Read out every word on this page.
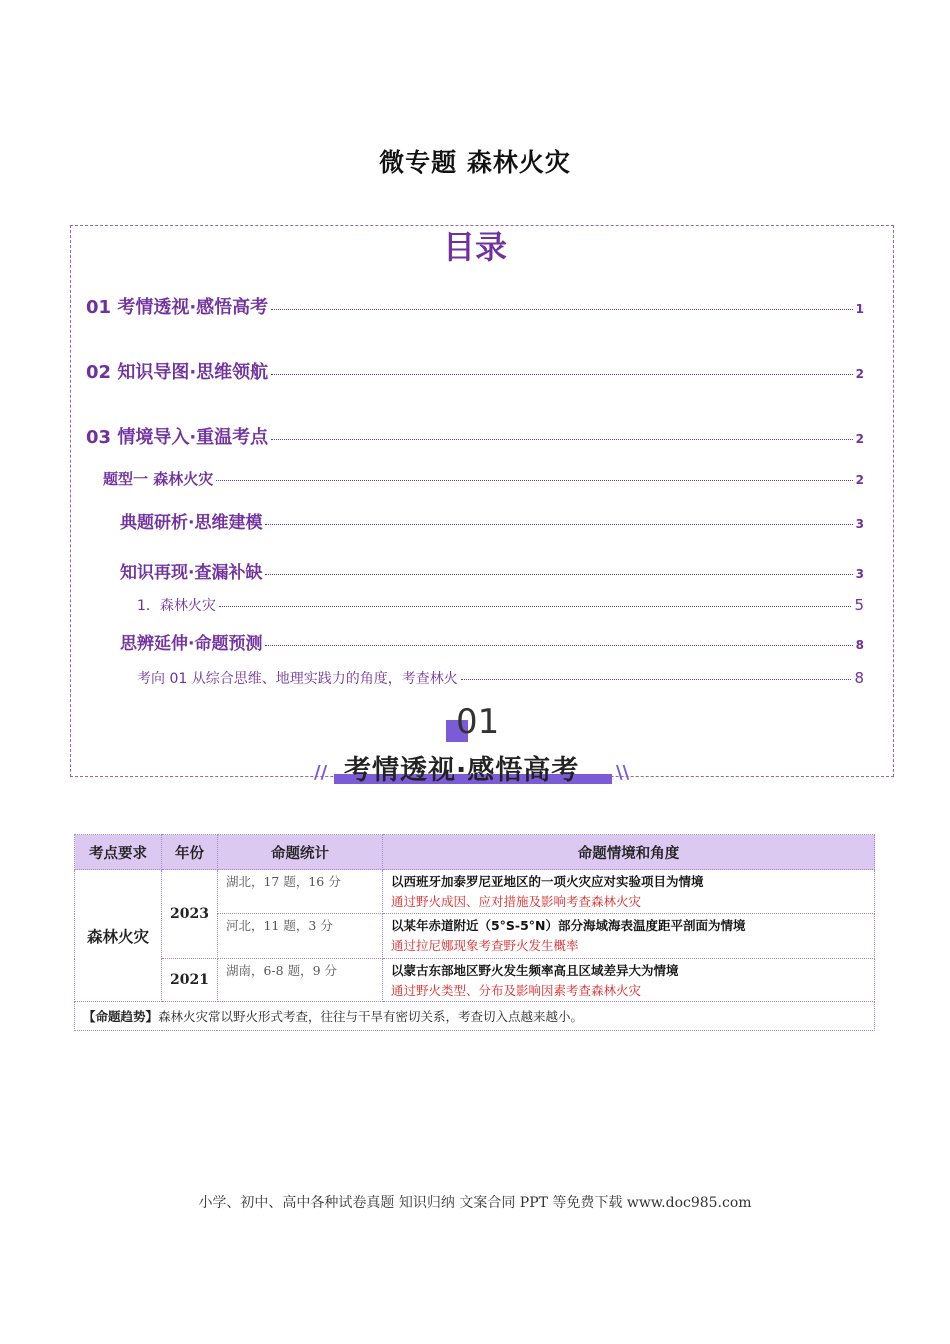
微专题 森林火灾
目录
01 考情透视·感悟高考	1
02 知识导图·思维领航	2
03 情境导入·重温考点	2
题型一 森林火灾	2
典题研析·思维建模	3
知识再现·查漏补缺	3
1．森林火灾	5
思辨延伸·命题预测	8
考向 01 从综合思维、地理实践力的角度，考查林火	8
01
// 考情透视·感悟高考 \\
考点要求	年份	命题统计	命题情境和角度
森林火灾	2023	湖北，17 题，16 分	以西班牙加泰罗尼亚地区的一项火灾应对实验项目为情境
通过野火成因、应对措施及影响考查森林火灾

		河北，11 题，3 分	以某年赤道附近（5°S-5°N）部分海域海表温度距平剖面为情境
通过拉尼娜现象考查野火发生概率

	2021	湖南，6-8 题，9 分	以蒙古东部地区野火发生频率高且区域差异大为情境
通过野火类型、分布及影响因素考查森林火灾

【命题趋势】森林火灾常以野火形式考查，往往与干旱有密切关系，考查切入点越来越小。			
小学、初中、高中各种试卷真题 知识归纳 文案合同 PPT 等免费下载 www.doc985.com
